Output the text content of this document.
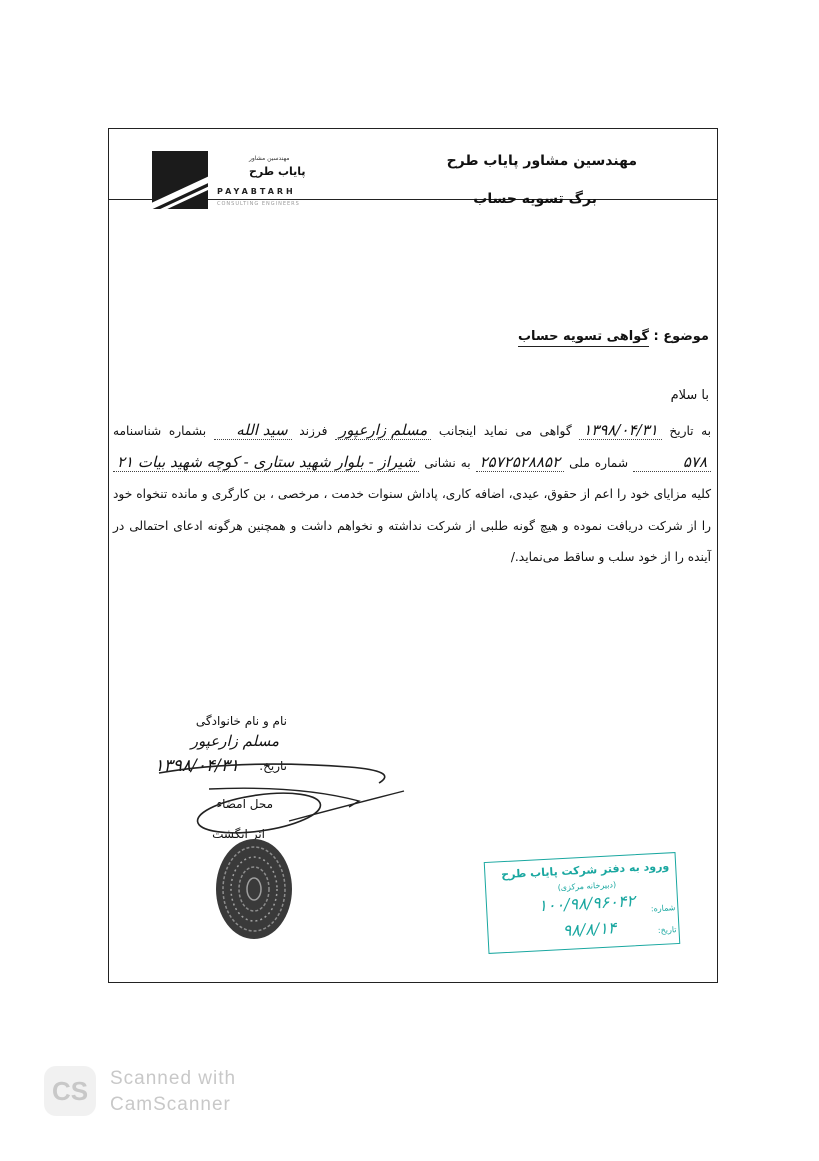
مهندسین مشاور پایاب طرح
برگ تسویه حساب
مهندسین مشاور
پایاب طرح
PAYABTARH
CONSULTING ENGINEERS
موضوع : گواهی تسویه حساب
با سلام
به تاریخ ۱۳۹۸/۰۴/۳۱ گواهی می نماید اینجانب مسلم زارعپور فرزند سید الله بشماره شناسنامه ۵۷۸ شماره ملی ۲۵۷۲۵۲۸۸۵۲ به نشانی شیراز - بلوار شهید ستاری - کوچه شهید بیات ۲۱ کلیه مزایای خود را اعم از حقوق، عیدی، اضافه کاری، پاداش سنوات خدمت ، مرخصی ، بن کارگری و مانده تنخواه خود را از شرکت دریافت نموده و هیچ گونه طلبی از شرکت نداشته و نخواهم داشت و همچنین هرگونه ادعای احتمالی در آینده را از خود سلب و ساقط می‌نماید./
نام و نام خانوادگی
مسلم زارعپور
تاریخ:
۱۳۹۸/۰۴/۳۱
محل امضاء
اثر انگشت
ورود به دفتر شرکت پایاب طرح
(دبیرخانه مرکزی)
شماره:
۱۰۰/۹۸/۹۶۰۴۲
تاریخ:
۹۸/۸/۱۴
CS	Scanned with
CamScanner
